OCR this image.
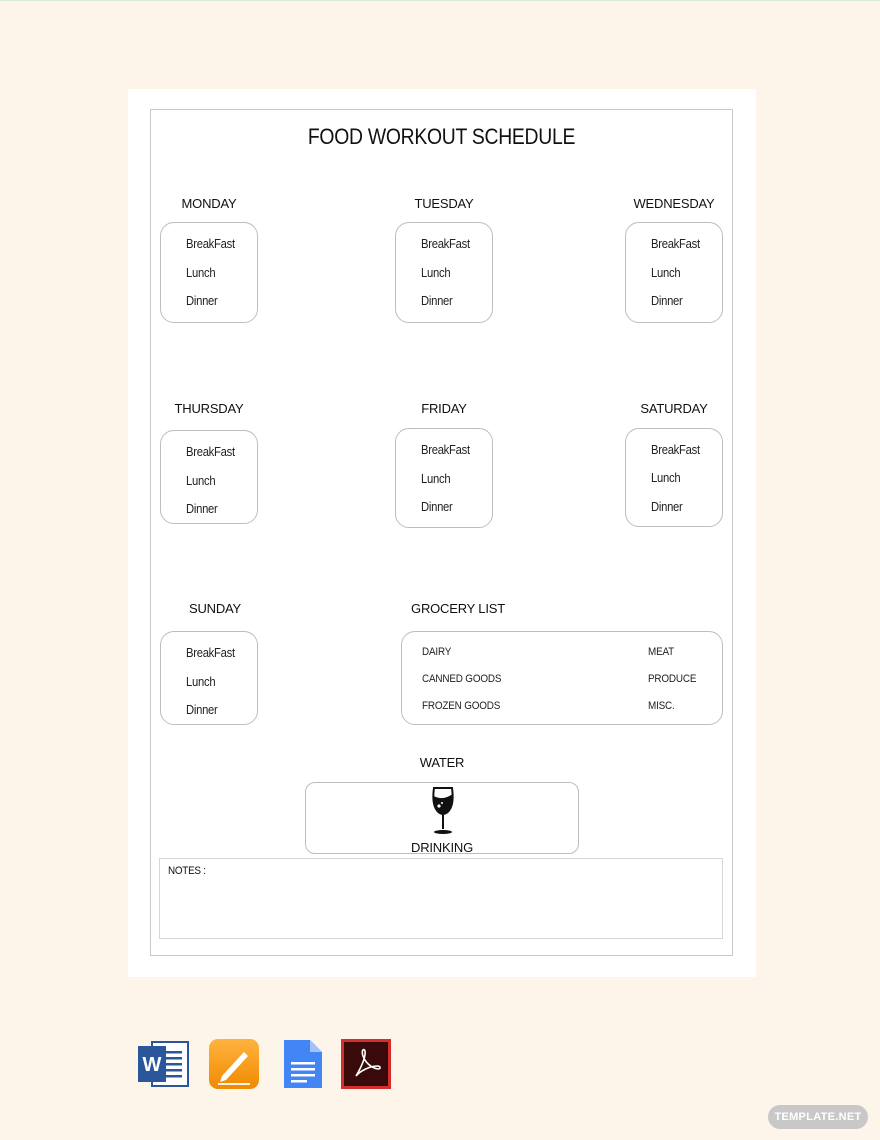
FOOD WORKOUT SCHEDULE
MONDAY
BreakFast
Lunch
Dinner
TUESDAY
BreakFast
Lunch
Dinner
WEDNESDAY
BreakFast
Lunch
Dinner
THURSDAY
BreakFast
Lunch
Dinner
FRIDAY
BreakFast
Lunch
Dinner
SATURDAY
BreakFast
Lunch
Dinner
SUNDAY
BreakFast
Lunch
Dinner
GROCERY LIST
DAIRY
CANNED GOODS
FROZEN GOODS
MEAT
PRODUCE
MISC.
WATER
DRINKING
NOTES :
W
TEMPLATE.NET
